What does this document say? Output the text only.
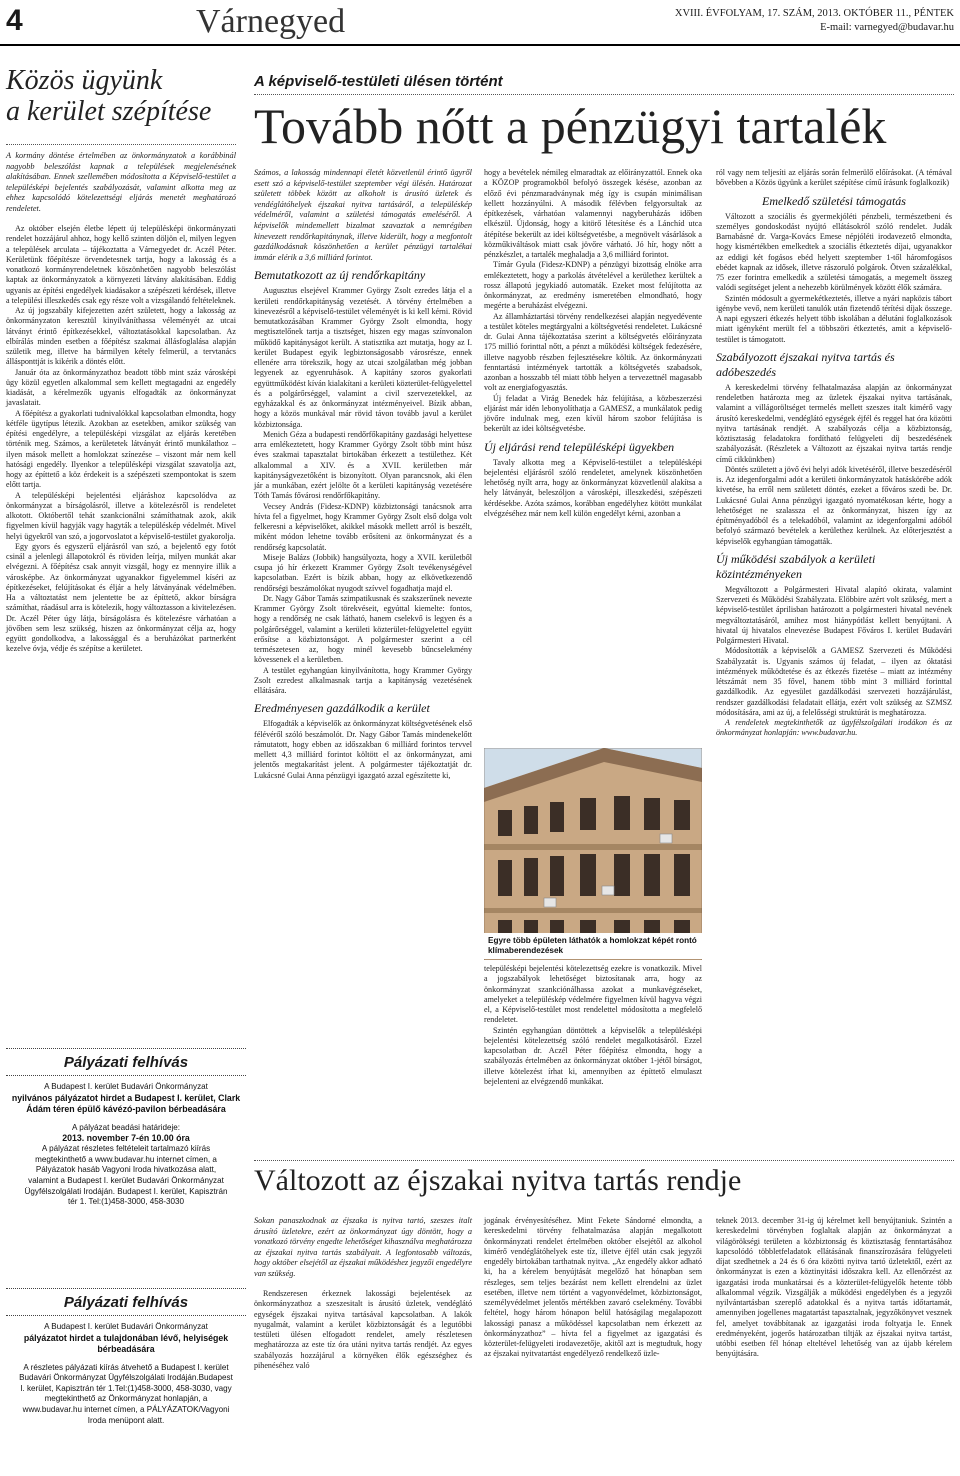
4	Várnegyed	XVIII. ÉVFOLYAM, 17. SZÁM, 2013. OKTÓBER 11., PÉNTEK
E-mail: varnegyed@budavar.hu
Közös ügyünk
a kerület szépítése
A kormány döntése értelmében az önkormányzatok a korábbinál nagyobb beleszólást kapnak a települések megjelenésének alakításában. Ennek szellemében módosította a Képviselő-testület a településképi bejelentés szabályozását, valamint alkotta meg az ehhez kapcsolódó kötelezettségi eljárás menetét meghatározó rendeletet.

Az október elsején életbe lépett új településképi önkormányzati rendelet hozzájárul ahhoz, hogy kellő szinten döljön el, milyen legyen a települések arculata – tájékoztatta a Várnegyedet dr. Aczél Péter. Kerületünk főépítésze örvendetesnek tartja, hogy a lakosság és a vonatkozó kormányrendeletnek köszönhetően nagyobb beleszólást kaptak az önkormányzatok a környezeti látvány alakításában. Eddig ugyanis az építési engedélyek kiadásakor a szépészeti kérdések, illetve a települési illeszkedés csak egy része volt a vizsgálandó feltételeknek.

Az új jogszabály kifejezetten azért született, hogy a lakosság az önkormányzaton keresztül kinyilváníthassa véleményét az utcai látványt érintő építkezésekkel, változtatásokkal kapcsolatban. Az elbírálás minden esetben a főépítész szakmai állásfoglalása alapján születik meg, illetve ha bármilyen kétely felmerül, a tervtanács állásponttját is kikérik a döntés előtt.

Január óta az önkormányzathoz beadott több mint száz városképi ügy közül egyetlen alkalommal sem kellett megtagadni az engedély kiadását, a kérelmezők ugyanis elfogadták az önkormányzat javaslatait.

A főépítész a gyakorlati tudnivalókkal kapcsolatban elmondta, hogy kétféle ügytípus létezik. Azokban az esetekben, amikor szükség van építési engedélyre, a településképi vizsgálat az eljárás keretében történik meg. Számos, a kerületetek látványát érintő munkálathoz – ilyen mások mellett a homlokzat színezése – viszont már nem kell hatósági engedély. Ilyenkor a településképi vizsgálat szavatolja azt, hogy az építtető a köz érdekeit is a szépészeti szempontokat is szem előtt tartja.

A településképi bejelentési eljáráshoz kapcsolódva az önkormányzat a bírságolásról, illetve a kötelezésről is rendeletet alkotott. Októbertől tehát szankcionálni számíthatnak azok, akik figyelmen kívül hagyják vagy hagyták a településkép védelmét. Mivel helyi ügyekről van szó, a jogorvoslatot a képviselő-testület gyakorolja.

Egy gyors és egyszerű eljárásról van szó, a bejelentő egy fotót csinál a jelenlegi állapotokról és röviden leírja, milyen munkát akar elvégezni. A főépítész csak annyit vizsgál, hogy ez mennyire illik a városképbe. Az önkormányzat ugyanakkor figyelemmel kíséri az építkezéseket, felújításokat és éljár a hely látványának védelmében. Ha a változtatást nem jelentette be az építtető, akkor bírságra számíthat, ráadásul arra is kötelezik, hogy változtasson a kivitelezésen. Dr. Aczél Péter úgy látja, bírságolásra és kötelezésre várhatóan a jövőben sem lesz szükség, hiszen az önkormányzat célja az, hogy együtt gondolkodva, a lakossággal és a beruházókat partnerként kezelve óvja, védje és szépítse a kerületet.

Pályázati felhívás
A Budapest I. kerület Budavári Önkormányzat
nyilvános pályázatot hirdet a Budapest I. kerület, Clark Ádám téren épülő kávézó-pavilon bérbeadására
A pályázat beadási határideje:
2013. november 7-én 10.00 óra
A pályázat részletes feltételeit tartalmazó kiírás megtekinthető a www.budavar.hu internet címen, a Pályázatok hasáb Vagyoni Iroda hivatkozása alatt, valamint a Budapest I. kerület Budavári Önkormányzat Ügyfélszolgálati Irodáján. Budapest I. kerület, Kapisztrán tér 1. Tel:(1)458-3000, 458-3030
Pályázati felhívás
A Budapest I. kerület Budavári Önkormányzat
pályázatot hirdet a tulajdonában lévő, helyiségek bérbeadására
A részletes pályázati kiírás átvehető a Budapest I. kerület Budavári Önkormányzat Ügyfélszolgálati Irodáján.Budapest I. kerület, Kapisztrán tér 1.Tel:(1)458-3000, 458-3030, vagy megtekinthető az Önkormányzat honlapján, a www.budavar.hu internet címen, a PÁLYÁZATOK/Vagyoni Iroda menüpont alatt.
A képviselő-testületi ülésen történt
Tovább nőtt a pénzügyi tartalék
Számos, a lakosság mindennapi életét közvetlenül érintő ügyről esett szó a képviselő-testület szeptember végi ülésén. Határozat született többek között az alkoholt is árusító üzletek és vendéglátóhelyek éjszakai nyitva tartásáról, a településkép védelméről, valamint a születési támogatás emeléséről. A képviselők mindemellett bizalmat szavaztak a nemrégiben kinevezett rendőrkapitánynak, illetve kiderült, hogy a megfontolt gazdálkodásnak köszönhetően a kerület pénzügyi tartalékai immár elérik a 3,6 milliárd forintot.
Bemutatkozott az új rendőrkapitány

Augusztus elsejével Krammer György Zsolt ezredes látja el a kerületi rendőrkapitányság vezetését. A törvény értelmében a kinevezésről a képviselő-testület véleményét is ki kell kérni. Rövid bemutatkozásában Krammer György Zsolt elmondta, hogy megtisztelőnek tartja a tisztséget, hiszen egy magas színvonalon működő kapitányságot került. A statisztika azt mutatja, hogy az I. kerület Budapest egyik legbiztonságosabb városrésze, ennek ellenére arra törekszik, hogy az utcai szolgálatban még jobban legyenek az egyenruhások. A kapitány szoros gyakorlati együttműködést kíván kialakítani a kerületi közterület-felügyelettel és a polgárőrséggel, valamint a civil szervezetekkel, az egyházakkal és az önkormányzat intézményeivel. Bízik abban, hogy a közös munkával már rövid távon tovább javul a kerület közbiztonsága.

Menich Géza a budapesti rendőrfőkapitány gazdasági helyettese arra emlékeztetett, hogy Krammer György Zsolt több mint húsz éves szakmai tapasztalat birtokában érkezett a testülethez. Két alkalommal a XIV. és a XVII. kerületben már kapitányságvezetőként is bizonyított. Olyan parancsnok, aki élen jár a munkában, ezért jelölte őt a kerületi kapitányság vezetésére Tóth Tamás fővárosi rendőrfőkapitány.

Vecsey András (Fidesz-KDNP) közbiztonsági tanácsnok arra hívta fel a figyelmet, hogy Krammer György Zsolt első dolga volt felkeresni a képviselőket, akikkel másokk mellett arról is beszélt, miként módon lehetne tovább erősíteni az önkormányzat és a rendőrség kapcsolatát.

Miseje Balázs (Jobbik) hangsúlyozta, hogy a XVII. kerületből csupa jó hír érkezett Krammer György Zsolt tevékenységével kapcsolatban. Ezért is bízik abban, hogy az elkövetkezendő rendőrségi beszámolókat nyugodt szívvel fogadhatja majd el.

Dr. Nagy Gábor Tamás szimpatikusnak és szakszerűnek nevezte Krammer György Zsolt törekvéseit, egyúttal kiemelte: fontos, hogy a rendőrség ne csak látható, hanem cselekvő is legyen és a polgárőrséggel, valamint a kerületi közterület-felügyelettel együtt erősítse a közbiztonságot. A polgármester szerint a cél természetesen az, hogy minél kevesebb bűncselekmény kövessenek el a kerületben.

A testület egyhangúan kinyilvánította, hogy Krammer György Zsolt ezredest alkalmasnak tartja a kapitányság vezetésének ellátására.

Eredményesen gazdálkodik a kerület

Elfogadták a képviselők az önkormányzat költségvetésének első félévéről szóló beszámolót. Dr. Nagy Gábor Tamás mindenekelőtt rámutatott, hogy ebben az időszakban 6 milliárd forintos tervvel mellett 4,3 milliárd forintot költött el az önkormányzat, ami jelentős megtakarítást jelent. A polgármester tájékoztatját dr. Lukácsné Gulai Anna pénzügyi igazgató azzal egészítette ki,

hogy a bevételek némileg elmaradtak az előirányzattól. Ennek oka a KÖZOP programokból befolyó összegek késése, azonban az előző évi pénzmaradványnak még így is csupán minimálisan kellett hozzányúlni. A második félévben felgyorsultak az építkezések, várhatóan valamennyi nagyberuházás időben elkészül. Újdonság, hogy a kitörő létesítése és a Lánchíd utca átépítése bekerült az idei költségvetésbe, a megnövelt vásárlások a közműkiváltások miatt csak jövőre várható. Jó hír, hogy nőtt a pénzkészlet, a tartalék meghaladja a 3,6 milliárd forintot.

Tímár Gyula (Fidesz-KDNP) a pénzügyi bizottság elnöke arra emlékeztetett, hogy a parkolás átvételével a kerülethez kerültek a rossz állapotú jegykiadó automaták. Ezeket most felújította az önkormányzat, az eredmény ismeretében elmondható, hogy megérte a beruházást elvégezni.

Az államháztartási törvény rendelkezései alapján negyedévente a testület köteles megtárgyalni a költségvetési rendeletet. Lukácsné dr. Gulai Anna tájékoztatása szerint a költségvetés előirányzata 175 millió forinttal nőtt, a pénzt a működési költségek fedezésére, illetve nagyobb részben fejlesztésekre költik. Az önkormányzati fenntartású intézmények tartották a költségvetés szabadsok, azonban a hosszabb tél miatt több helyen a tervezettnél magasabb volt az energiafogyasztás.

Új feladat a Virág Benedek ház felújítása, a közbeszerzési eljárást már idén lebonyolíthatja a GAMESZ, a munkálatok pedig jövőre indulnak meg, ezen kívül három szobor felújítása is bekerült az idei költségvetésbe.

Új eljárási rend településképi ügyekben

Tavaly alkotta meg a Képviselő-testület a településképi bejelentési eljárásról szóló rendeletet, amelynek köszönhetően lehetőség nyílt arra, hogy az önkormányzat közvetlenül alakítsa a hely látványát, beleszóljon a városképi, illeszkedési, szépészeti kérdésekbe. Azóta számos, korábban engedélyhez kötött munkálat elvégzéséhez már nem kell külön engedélyt kérni, azonban a

Egyre több épületen láthatók a homlokzat képét rontó klímaberendezések

településképi bejelentési kötelezettség ezekre is vonatkozik. Mivel a jogszabályok lehetőséget biztosítanak arra, hogy az önkormányzat szankciónálhassa azokat a munkavégzéseket, amelyeket a településkép védelmére figyelmen kívül hagyva végzi el, a Képviselő-testület most rendelettel módosította a megfelelő rendeletet.

Szintén egyhangúan döntöttek a képviselők a településképi bejelentési kötelezettség szóló rendelet megalkotásáról. Ezzel kapcsolatban dr. Aczél Péter főépítész elmondta, hogy a szabályozás értelmében az önkormányzat október 1-jétől bírságot, illetve kötelezést írhat ki, amennyiben az építtető elmulaszt bejelenteni az elvégzendő munkákat.

ról vagy nem teljesíti az eljárás során felmerülő előírásokat. (A témával bővebben a Közös ügyünk a kerület szépítése című írásunk foglalkozik)

Emelkedő születési támogatás

Változott a szociális és gyermekjóléti pénzbeli, természetbeni és személyes gondoskodást nyújtó ellátásokról szóló rendelet. Judák Barnabásné dr. Varga-Kovács Emese népjóléti irodavezető elmondta, hogy kismértékben emelkedtek a szociális étkeztetés díjai, ugyanakkor az eddigi két fogásos ebéd helyett szeptember 1-től háromfogásos ebédet kapnak az idősek, illetve rászoruló polgárok. Ötven százalékkal, 75 ezer forintra emelkedik a születési támogatás, a megemelt összeg valódi segítséget jelent a nehezebb körülmények között élők számára.

Szintén módosult a gyermekétkeztetés, illetve a nyári napközis tábort igénybe vevő, nem kerületi tanulók után fizetendő térítési díjak összege. A napi egyszeri étkezés helyett több iskolában a délutáni foglalkozások miatt igényként merült fel a többszöri étkeztetés, amit a képviselő-testület is támogatott.

Szabályozott éjszakai nyitva tartás és adóbeszedés

A kereskedelmi törvény felhatalmazása alapján az önkormányzat rendeletben határozta meg az üzletek éjszakai nyitva tartásának, valamint a villágoröltséget termelés mellett szeszes italt kimérő vagy árusító kereskedelmi, vendéglátó egységek éjfél és reggel hat óra közötti nyitva tartásának rendjét. A szabályozás célja a közbiztonság, köztisztaság feladatokra fordítható felügyeleti díj beszedésének szabályozását. (Részletek a Változott az éjszakai nyitva tartás rendje című cikkünkben)

Döntés született a jövő évi helyi adók kivetéséről, illetve beszedéséről is. Az idegenforgalmi adót a kerületi önkormányzatok hatáskörébe adók kivetése, ha erről nem született döntés, ezeket a főváros szedi be. Dr. Lukácsné Gulai Anna pénzügyi igazgató nyomatékosan kérte, hogy a lehetőséget ne szalassza el az önkormányzat, hiszen így az építményadóból és a telekadóból, valamint az idegenforgalmi adóból befolyó származó bevételek a kerülethez kerülnek. Az előterjesztést a képviselők egyhangúan támogatták.

Új működési szabályok a kerületi közintézményeken

Megváltozott a Polgármesteri Hivatal alapító okirata, valamint Szervezeti és Működési Szabályzata. Elöbbire azért volt szükség, mert a képviselő-testület áprilisban határozott a polgármesteri hivatal nevének megváltoztatásáról, amihez most hiánypótlást kellett benyújtani. A hivatal új hivatalos elnevezése Budapest Főváros I. kerület Budavári Polgármesteri Hivatal.

Módosították a képviselők a GAMESZ Szervezeti és Működési Szabályzatát is. Ugyanis számos új feladat, – ilyen az óktatási intézmények működtetése és az étkezés fizetése – miatt az intézmény létszámát nem 35 fővel, hanem több mint 3 milliárd forinttal gazdálkodik. Az egyesület gazdálkodási szervezeti hozzájárulást, rendszer gazdálkodási feladatait ellátja, ezért volt szükség az SZMSZ módosítására, ami az új, a felelősségi struktúrát is meghatározza.

A rendeletek megtekinthetők az ügyfélszolgálati irodákon és az önkormányzat honlapján: www.budavar.hu.

Változott az éjszakai nyitva tartás rendje
Sokan panaszkodnak az éjszaka is nyitva tartó, szeszes italt árusító üzletekre, ezért az önkormányzat úgy döntött, hogy a vonatkozó törvény engedte lehetőséget kihasználva meghatározza az éjszakai nyitva tartás szabályait. A legfontosabb változás, hogy október elsejétől az éjszakai működéshez jegyzői engedélyre van szükség.

Rendszeresen érkeznek lakossági bejelentések az önkormányzathoz a szeszesitalt is árusító üzletek, vendéglátó egységek éjszakai nyitva tartásával kapcsolatban. A lakók nyugalmát, valamint a kerület közbiztonságát és a legutóbbi testületi ülésen elfogadott rendelet, amely részletesen meghatározza az este tíz óra utáni nyitva tartás rendjét. Az egyes szabályozás hozzájárul a környéken élők egészséghez és pihenéséhez való

jogának érvényesítéséhez. Mint Fekete Sándorné elmondta, a kereskedelmi törvény felhatalmazása alapján megalkotott önkormányzati rendelet értelmében október elsejétől az alkohol kimérő vendéglátóhelyek este tíz, illetve éjfél után csak jegyzői engedély birtokában tarthatnak nyitva. „Az engedély akkor adható ki, ha a kérelem benyújtását megelőző hat hónapban sem részleges, sem teljes bezárást nem kellett elrendelni az üzlet esetében, illetve nem történt a vagyonvédelmet, közbiztonságot, személyvédelmet jelentős mértékben zavaró cselekmény. További feltétel, hogy három hónapon belül hatóságilag megalapozott lakossági panasz a működéssel kapcsolatban nem érkezett az önkormányzathoz” – hívta fel a figyelmet az igazgatási és közterület-felügyeleti irodavezetője, akitől azt is megtudtuk, hogy az éjszakai nyitvatartást engedélyező rendelkező üzle-

teknek 2013. december 31-ig új kérelmet kell benyújtaniuk. Szintén a kereskedelmi törvényben foglaltak alapján az önkormányzat a világörökségi területen a közbiztonság és köztisztaság fenntartásához kapcsolódó többletfeladatok ellátásának finanszírozására felügyeleti díjat szedhetnek a 24 és 6 óra közötti nyitva tartó üzletektől, ezért az önkormányzat is ezen a köztinyitási időszakra kell. Az ellenőrzést az igazgatási iroda munkatársai és a közterület-felügyelők hetente több alkalommal végzik. Vizsgálják a működési engedélyben és a jegyzői nyilvántartásban szereplő adatokkal és a nyitva tartás időtartamát, amennyiben jogellenes magatartást tapasztalnak, jegyzőkönyvet vesznek fel, amelyet továbbítanak az igazgatási iroda foltyatja le. Ennek eredményeként, jogerős határozatban tiltják az éjszakai nyitva tartást, utóbbi esetben fél hónap elteltével lehetőség van az újabb kérelem benyújtására.
